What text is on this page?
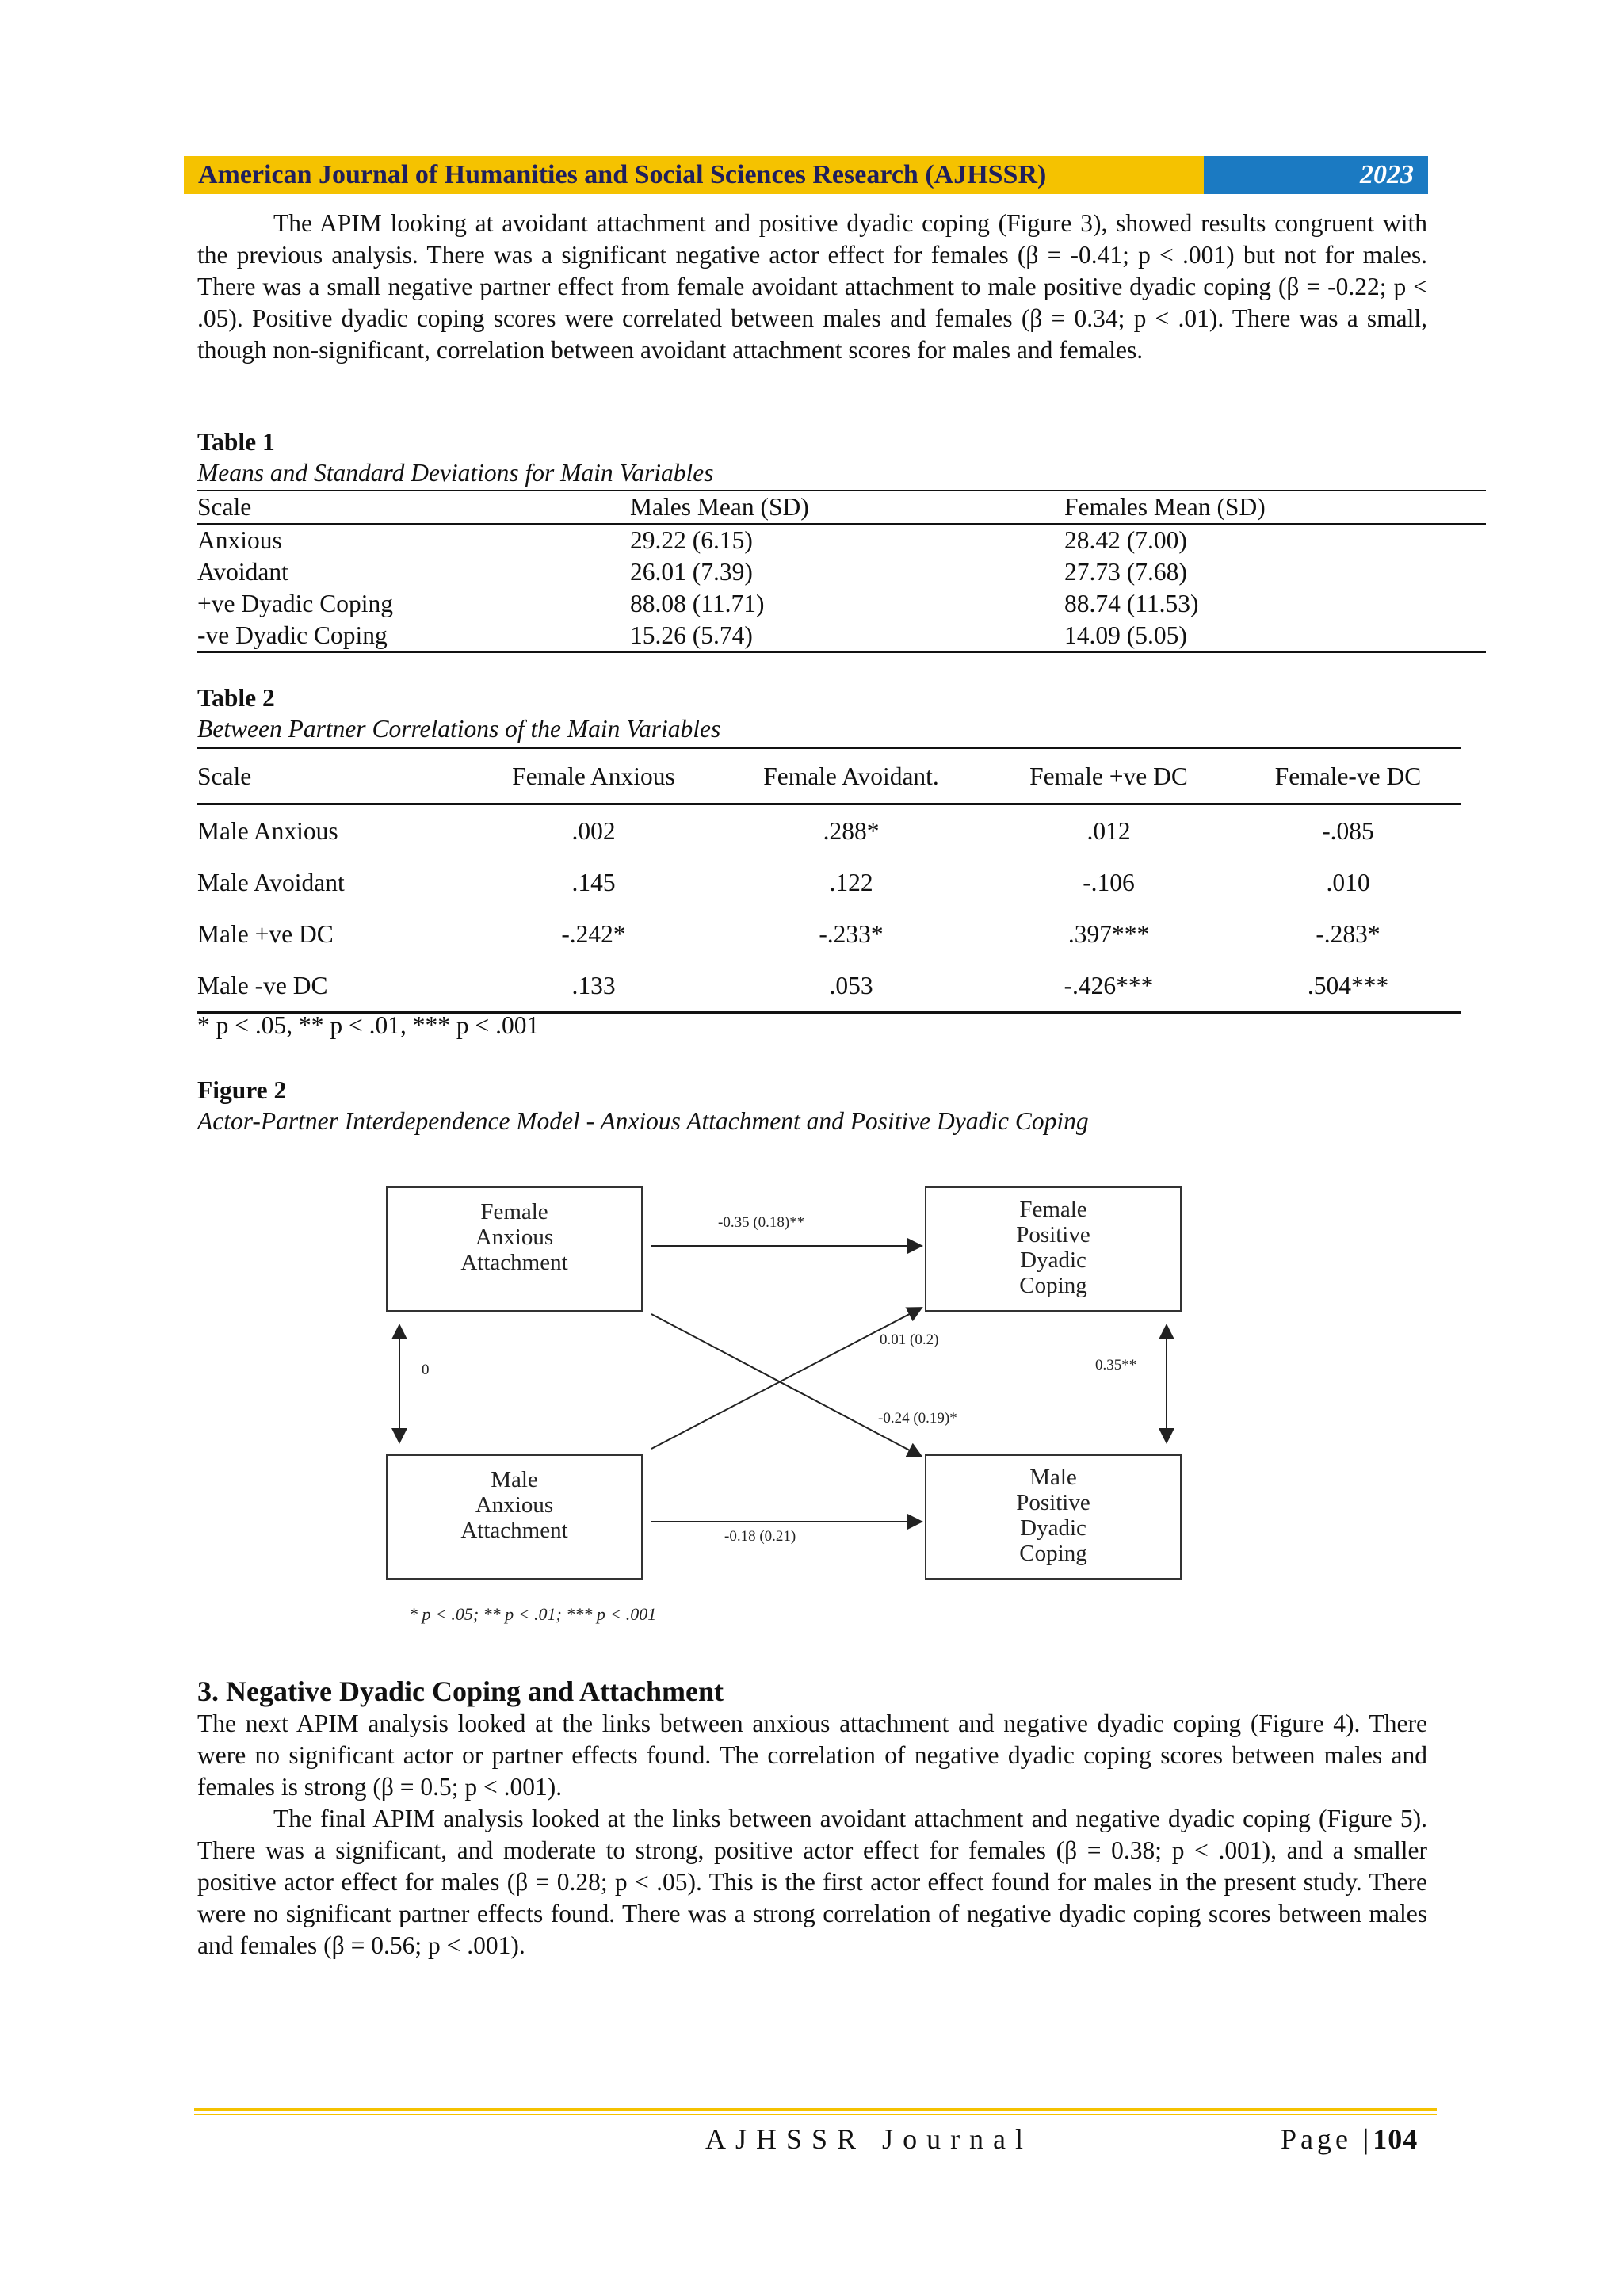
American Journal of Humanities and Social Sciences Research (AJHSSR)	2023

The APIM looking at avoidant attachment and positive dyadic coping (Figure 3), showed results congruent with the previous analysis. There was a significant negative actor effect for females (β = -0.41; p < .001) but not for males. There was a small negative partner effect from female avoidant attachment to male positive dyadic coping (β = -0.22; p < .05). Positive dyadic coping scores were correlated between males and females (β = 0.34; p < .01). There was a small, though non-significant, correlation between avoidant attachment scores for males and females.

Table 1
Means and Standard Deviations for Main Variables
Scale	Males Mean (SD)	Females Mean (SD)
Anxious	29.22 (6.15)	28.42 (7.00)
Avoidant	26.01 (7.39)	27.73 (7.68)
+ve Dyadic Coping	88.08 (11.71)	88.74 (11.53)
-ve Dyadic Coping	15.26 (5.74)	14.09 (5.05)
Table 2
Between Partner Correlations of the Main Variables
Scale	Female Anxious	Female Avoidant.	Female +ve DC	Female-ve DC
Male Anxious	.002	.288*	.012	-.085
Male Avoidant	.145	.122	-.106	.010
Male +ve DC	-.242*	-.233*	.397***	-.283*
Male -ve DC	.133	.053	-.426***	.504***
* p < .05, ** p < .01, *** p < .001
Figure 2
Actor-Partner Interdependence Model - Anxious Attachment and Positive Dyadic Coping
Female
Anxious
Attachment
Female
Positive
Dyadic
Coping
Male
Anxious
Attachment
Male
Positive
Dyadic
Coping
-0.35 (0.18)**
-0.18 (0.21)
0.01 (0.2)
-0.24 (0.19)*
0	0.35**
* p < .05; ** p < .01; *** p < .001
3. Negative Dyadic Coping and Attachment

The next APIM analysis looked at the links between anxious attachment and negative dyadic coping (Figure 4). There were no significant actor or partner effects found. The correlation of negative dyadic coping scores between males and females is strong (β = 0.5; p < .001).

The final APIM analysis looked at the links between avoidant attachment and negative dyadic coping (Figure 5). There was a significant, and moderate to strong, positive actor effect for females (β = 0.38; p < .001), and a smaller positive actor effect for males (β = 0.28; p < .05). This is the first actor effect found for males in the present study. There were no significant partner effects found. There was a strong correlation of negative dyadic coping scores between males and females (β = 0.56; p < .001).

AJHSSR Journal	Page |104
